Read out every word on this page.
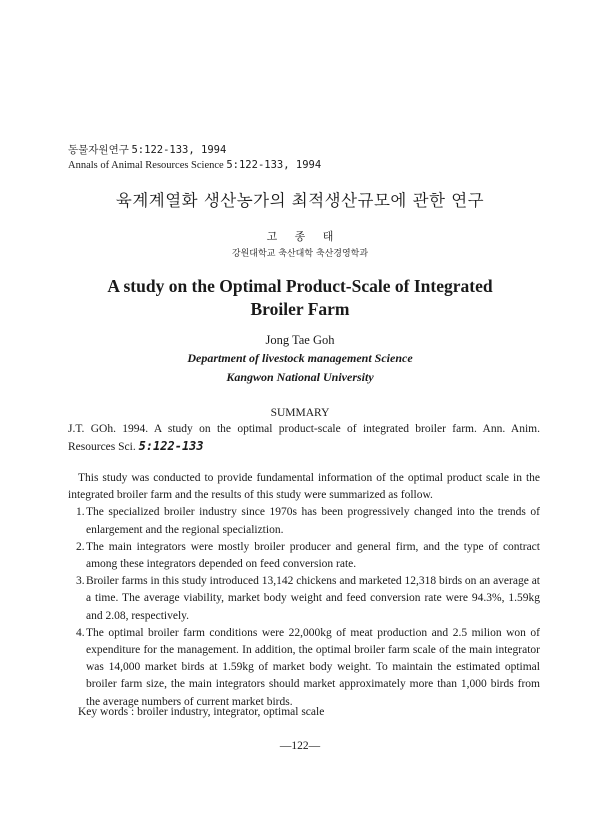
동물자원연구 5:122-133, 1994
Annals of Animal Resources Science 5:122-133, 1994
육계계열화 생산농가의 최적생산규모에 관한 연구
고 종 태
강원대학교 축산대학 축산경영학과
A study on the Optimal Product-Scale of Integrated
Broiler Farm
Jong Tae Goh
Department of livestock management Science
Kangwon National University
SUMMARY
J.T. GOh. 1994. A study on the optimal product-scale of integrated broiler farm. Ann. Anim. Resources Sci. 5:122-133

This study was conducted to provide fundamental information of the optimal product scale in the integrated broiler farm and the results of this study were summarized as follow.

1. The specialized broiler industry since 1970s has been progressively changed into the trends of enlargement and the regional specializtion.
2. The main integrators were mostly broiler producer and general firm, and the type of contract among these integrators depended on feed conversion rate.
3. Broiler farms in this study introduced 13,142 chickens and marketed 12,318 birds on an average at a time. The average viability, market body weight and feed conversion rate were 94.3%, 1.59kg and 2.08, respectively.
4. The optimal broiler farm conditions were 22,000kg of meat production and 2.5 milion won of expenditure for the management. In addition, the optimal broiler farm scale of the main integrator was 14,000 market birds at 1.59kg of market body weight. To maintain the estimated optimal broiler farm size, the main integrators should market approximately more than 1,000 birds from the average numbers of current market birds.
Key words : broiler industry, integrator, optimal scale
—122—
